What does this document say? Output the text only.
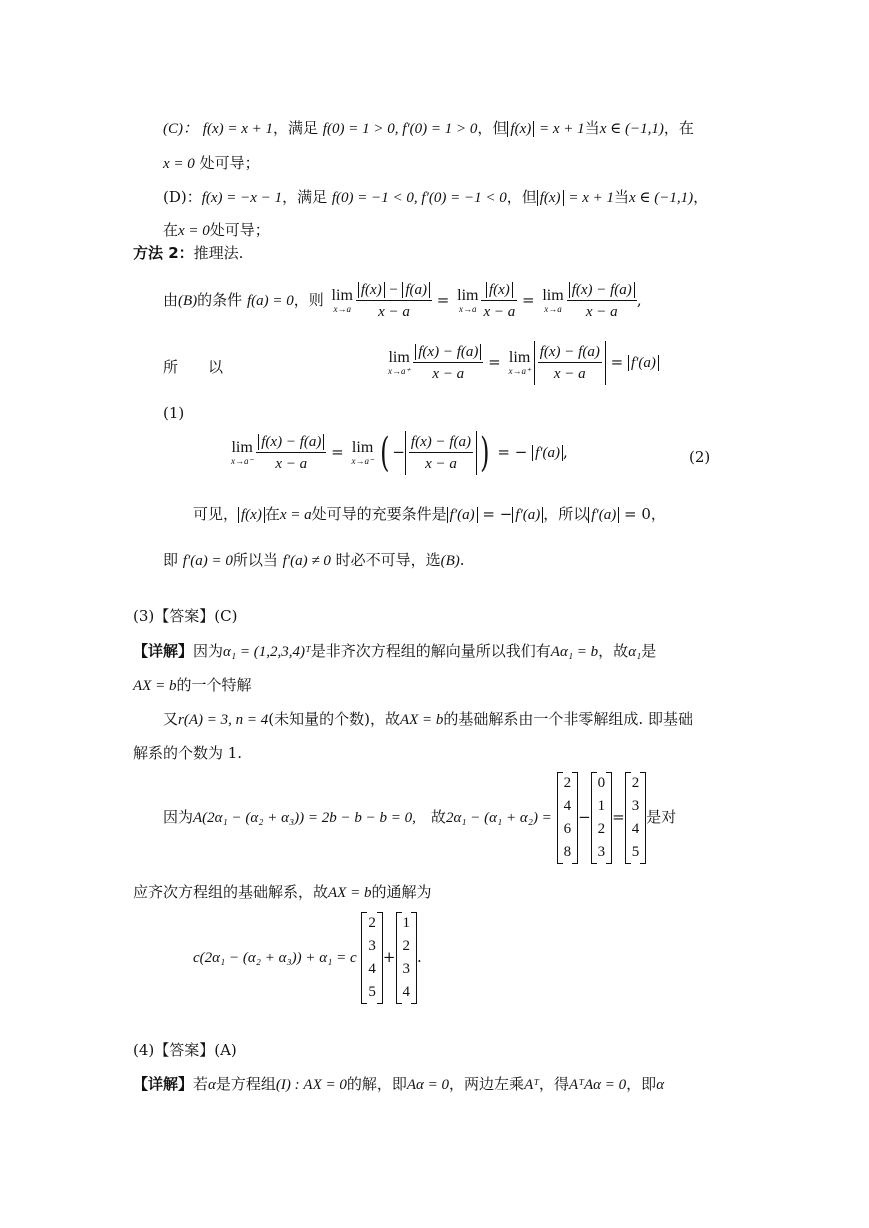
(C)： f(x) = x + 1，满足 f(0) = 1 > 0, f′(0) = 1 > 0，但 f(x) = x + 1当x ∈ (−1,1)，在
x = 0 处可导；
(D)：f(x) = −x − 1，满足 f(0) = −1 < 0, f′(0) = −1 < 0，但 f(x) = x + 1当x ∈ (−1,1)，
在x = 0处可导；
方法 2：推理法.
由(B)的条件 f(a) = 0，则 lim
$x\to a \frac{f(x) - f(a)}{x - a} = \lim$
$x\to a \frac{f(x)}{x - a} = \lim$
$x\to a \frac{f(x) - f(a)}{x - a}$ ,
所　　以
lim
$x\to a^+ \frac{f(x) - f(a)}{x - a} = \lim$
$x\to a^+ \frac{f(x) - f(a)}{x - a} = f'(a)$
(1)
lim
$x\to a^- \frac{f(x) - f(a)}{x - a} = \lim$
x→a⁻ ( − $\frac{f(x) - f(a)}{x - a}$ ) = − f′(a) ,	(2)
可见， f(x) 在x = a处可导的充要条件是 f′(a) = − f′(a) ，所以 f′(a) = 0，
即 f′(a) = 0所以当 f′(a) ≠ 0 时必不可导，选(B).
(3)【答案】(C)
【详解】因为α₁ = (1,2,3,4)ᵀ是非齐次方程组的解向量所以我们有Aα₁ = b，故α₁是
AX = b的一个特解
又r(A) = 3, n = 4(未知量的个数)，故AX = b的基础解系由一个非零解组成. 即基础
解系的个数为 1.
因为A(2α₁ − (α₂ + α₃)) = 2b − b − b = 0,　 故2α₁ − (α₁ + α₂) =
2
4
6
8
−
0
1
2
3
=
2
3
4
5
是对
应齐次方程组的基础解系，故AX = b的通解为
c(2α₁ − (α₂ + α₃)) + α₁ = c
2
3
4
5
+
1
2
3
4
.
(4)【答案】(A)
【详解】若α是方程组(I) : AX = 0的解，即Aα = 0，两边左乘Aᵀ，得AᵀAα = 0，即α
